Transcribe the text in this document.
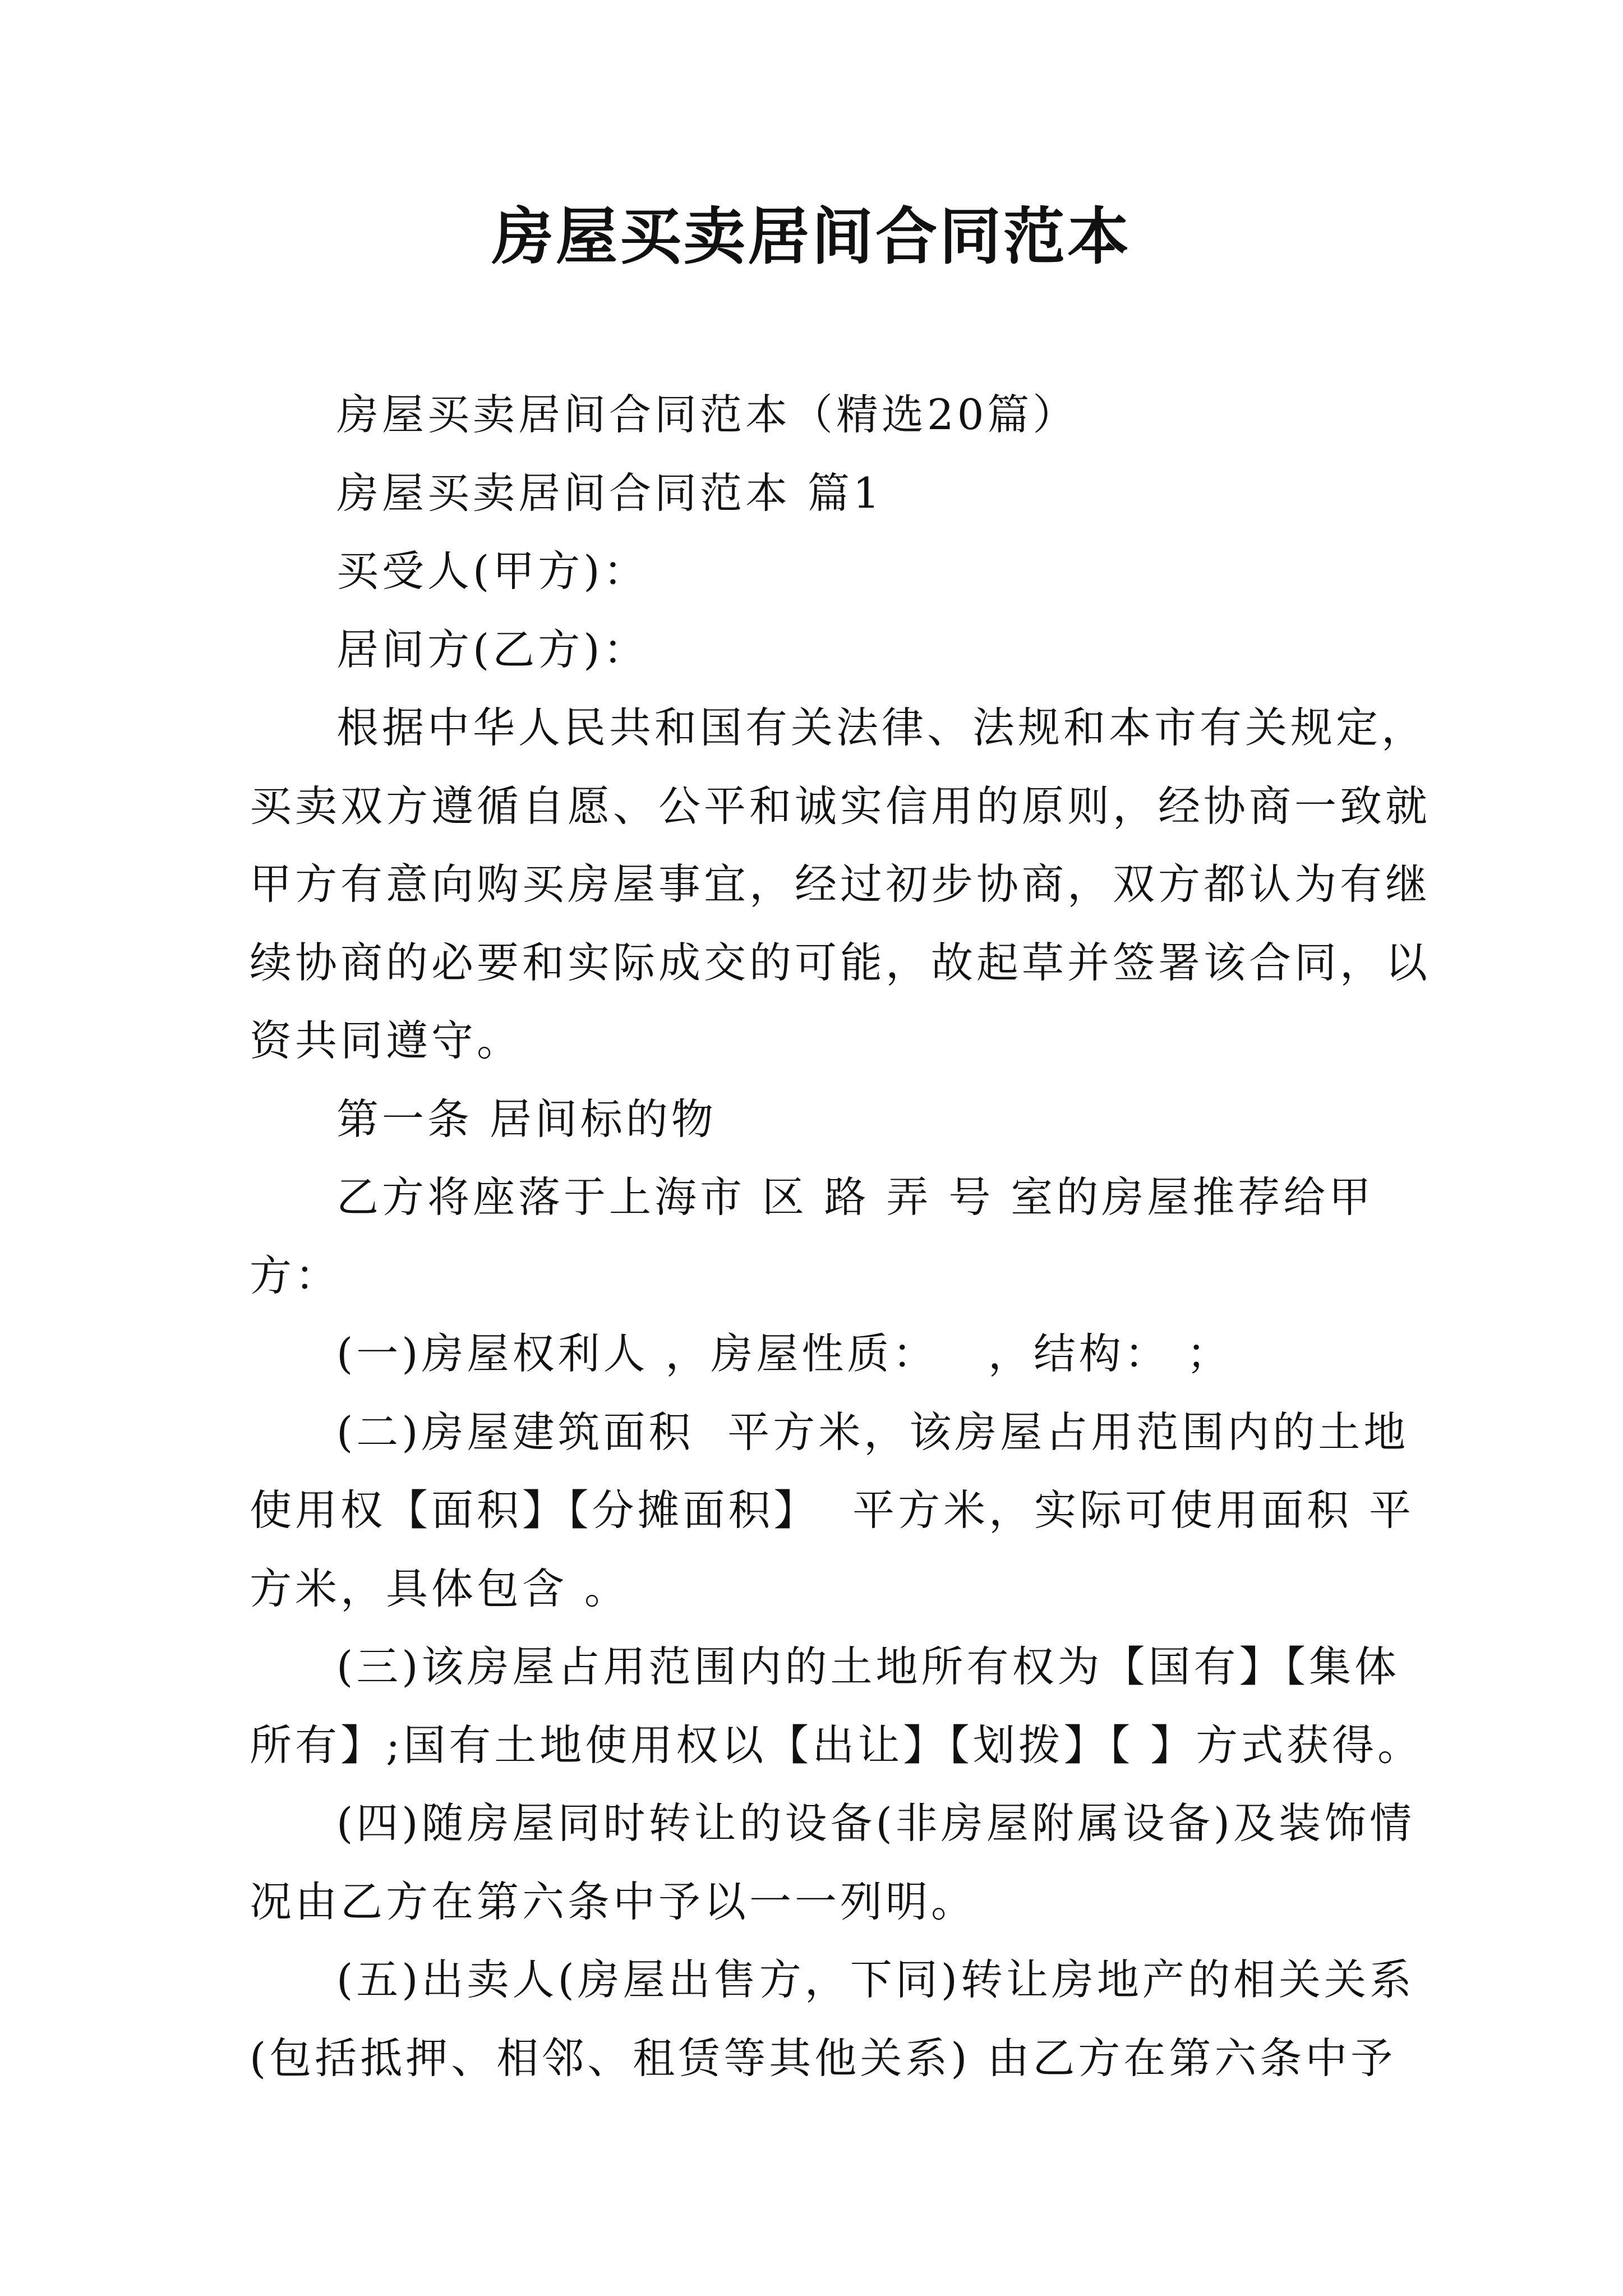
房屋买卖居间合同范本

房屋买卖居间合同范本（精选20篇）

房屋买卖居间合同范本 篇1

买受人(甲方)：

居间方(乙方)：

根据中华人民共和国有关法律、法规和本市有关规定，

买卖双方遵循自愿、公平和诚实信用的原则，经协商一致就

甲方有意向购买房屋事宜，经过初步协商，双方都认为有继

续协商的必要和实际成交的可能，故起草并签署该合同，以

资共同遵守。

第一条 居间标的物

乙方将座落于上海市 区 路 弄 号 室的房屋推荐给甲

方：

(一)房屋权利人 ，房屋性质：   ，结构： ；

(二)房屋建筑面积  平方米，该房屋占用范围内的土地

使用权【面积】【分摊面积】  平方米，实际可使用面积 平

方米，具体包含 。

(三)该房屋占用范围内的土地所有权为【国有】【集体

所有】;国有土地使用权以【出让】【划拨】【 】方式获得。

(四)随房屋同时转让的设备(非房屋附属设备)及装饰情

况由乙方在第六条中予以一一列明。

(五)出卖人(房屋出售方，下同)转让房地产的相关关系

(包括抵押、相邻、租赁等其他关系) 由乙方在第六条中予
